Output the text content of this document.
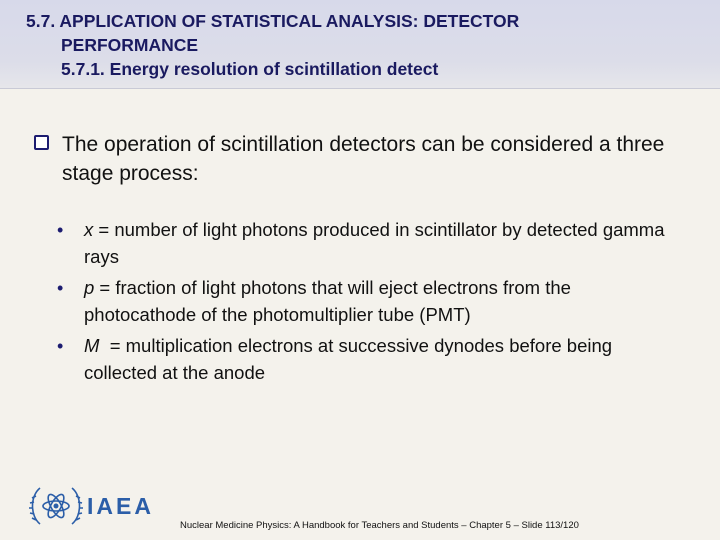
5.7. APPLICATION OF STATISTICAL ANALYSIS: DETECTOR
PERFORMANCE
5.7.1. Energy resolution of scintillation detect
The operation of scintillation detectors can be considered a three stage process:
• x = number of light photons produced in scintillator by detected gamma rays
• p = fraction of light photons that will eject electrons from the photocathode of the photomultiplier tube (PMT)
• M  = multiplication electrons at successive dynodes before being collected at the anode
IAEA
Nuclear Medicine Physics: A Handbook for Teachers and Students – Chapter 5 – Slide 113/120
